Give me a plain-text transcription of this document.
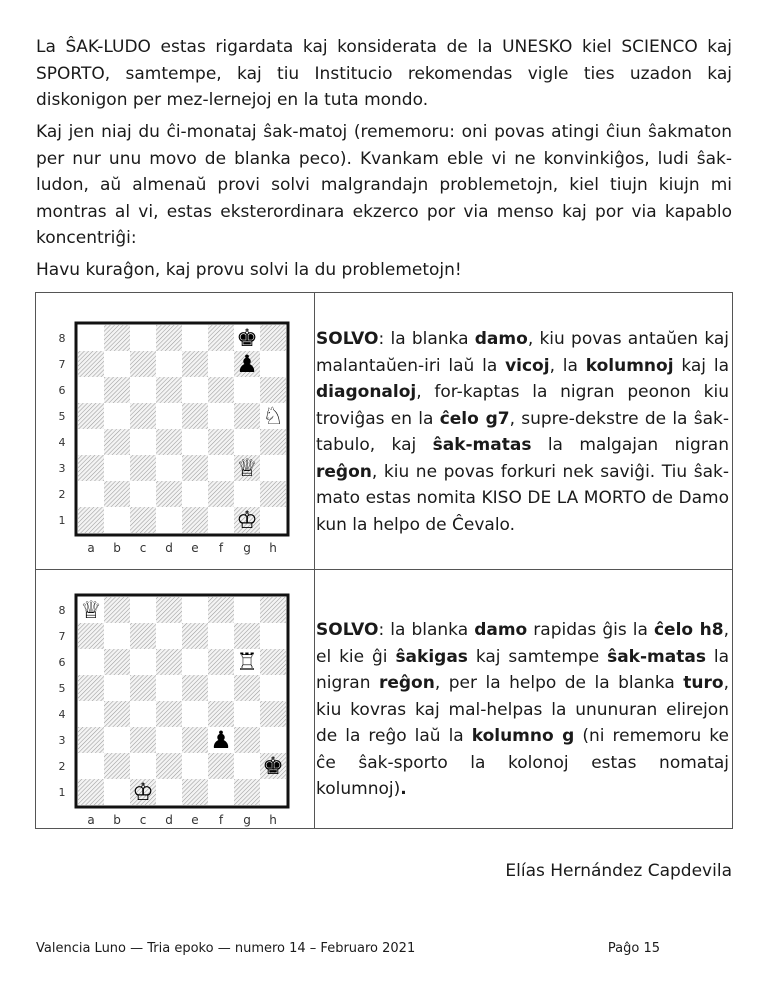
La ŜAK-LUDO estas rigardata kaj konsiderata de la UNESKO kiel SCIENCO kaj SPORTO, samtempe, kaj tiu Institucio rekomendas vigle ties uzadon kaj diskonigon per mez-lernejoj en la tuta mondo.
Kaj jen niaj du ĉi-monataj ŝak-matoj (rememoru: oni povas atingi ĉiun ŝakmaton per nur unu movo de blanka peco). Kvankam eble vi ne konvinkiĝos, ludi ŝak-ludon, aŭ almenaŭ provi solvi malgrandajn problemetojn, kiel tiujn kiujn mi montras al vi, estas eksterordinara ekzerco por via menso kaj por via kapablo koncentriĝi:
Havu kuraĝon, kaj provu solvi la du problemetojn!
8
7
6
5
4
3
2
1
a b c d e f g h
♚
♟
♘
♕
♔
SOLVO: la blanka damo, kiu povas antaŭen kaj malantaŭen-iri laŭ la vicoj, la kolumnoj kaj la diagonaloj, for-kaptas la nigran peonon kiu troviĝas en la ĉelo g7, supre-dekstre de la ŝak-tabulo, kaj ŝak-matas la malgajan nigran reĝon, kiu ne povas forkuri nek saviĝi. Tiu ŝak-mato estas nomita KISO DE LA MORTO de Damo kun la helpo de Ĉevalo.
8
7
6
5
4
3
2
1
a b c d e f g h
♕
♖
♟
♚
♔
SOLVO: la blanka damo rapidas ĝis la ĉelo h8, el kie ĝi ŝakigas kaj samtempe ŝak-matas la nigran reĝon, per la helpo de la blanka turo, kiu kovras kaj mal-helpas la ununuran elirejon de la reĝo laŭ la kolumno g (ni rememoru ke ĉe ŝak-sporto la kolonoj estas nomataj kolumnoj).
Elías Hernández Capdevila
Valencia Luno — Tria epoko — numero 14 – Februaro 2021	Paĝo 15
